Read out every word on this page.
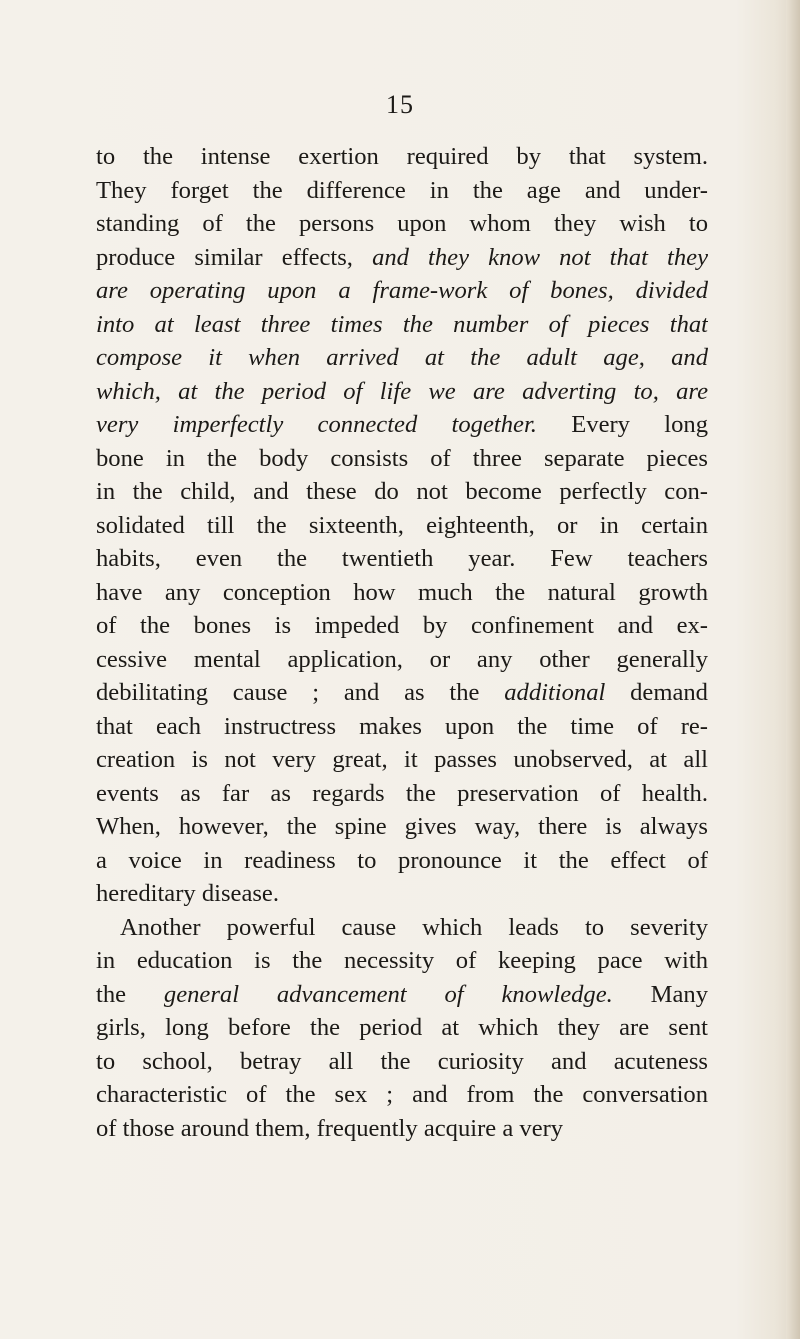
15
to the intense exertion required by that system.
They forget the difference in the age and under-
standing of the persons upon whom they wish to
produce similar effects, and they know not that they
are operating upon a frame-work of bones, divided
into at least three times the number of pieces that
compose it when arrived at the adult age, and
which, at the period of life we are adverting to, are
very imperfectly connected together. Every long
bone in the body consists of three separate pieces
in the child, and these do not become perfectly con-
solidated till the sixteenth, eighteenth, or in certain
habits, even the twentieth year. Few teachers
have any conception how much the natural growth
of the bones is impeded by confinement and ex-
cessive mental application, or any other generally
debilitating cause ; and as the additional demand
that each instructress makes upon the time of re-
creation is not very great, it passes unobserved, at all
events as far as regards the preservation of health.
When, however, the spine gives way, there is always
a voice in readiness to pronounce it the effect of
hereditary disease.
Another powerful cause which leads to severity
in education is the necessity of keeping pace with
the general advancement of knowledge. Many
girls, long before the period at which they are sent
to school, betray all the curiosity and acuteness
characteristic of the sex ; and from the conversation
of those around them, frequently acquire a very
